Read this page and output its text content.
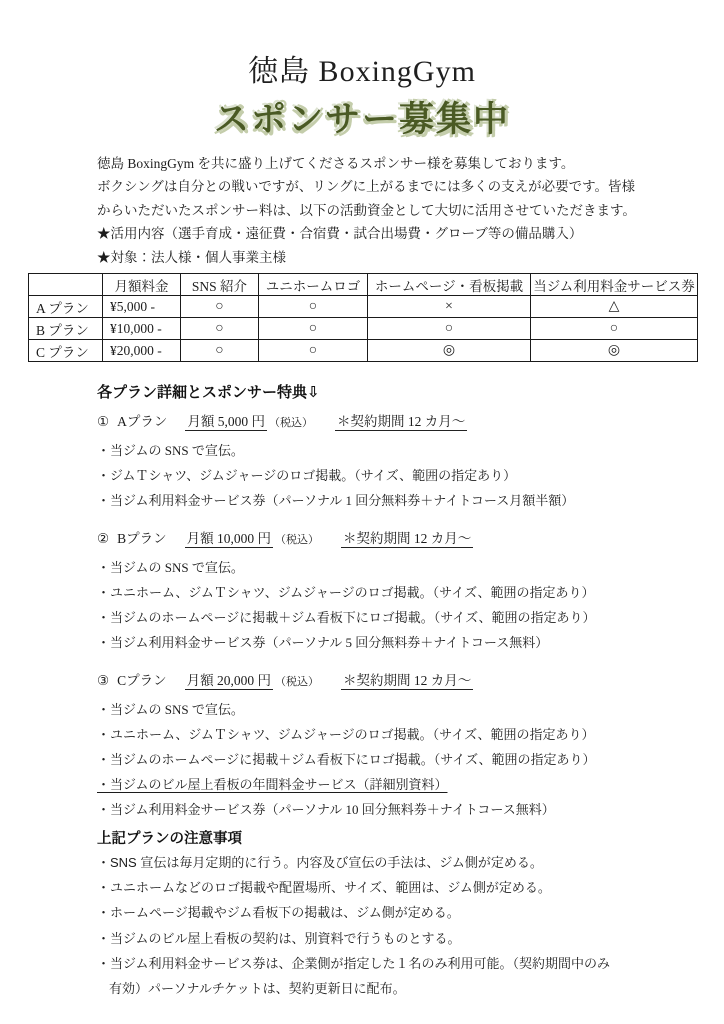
徳島 BoxingGym
スポンサー募集中

徳島 BoxingGym を共に盛り上げてくださるスポンサー様を募集しております。

ボクシングは自分との戦いですが、リングに上がるまでには多くの支えが必要です。皆様

からいただいたスポンサー料は、以下の活動資金として大切に活用させていただきます。

★活用内容（選手育成・遠征費・合宿費・試合出場費・グローブ等の備品購入）

★対象：法人様・個人事業主様

	月額料金	SNS 紹介	ユニホームロゴ	ホームページ・看板掲載	当ジム利用料金サービス券
A プラン	¥5,000 -	○	○	×	△
B プラン	¥10,000 -	○	○	○	○
C プラン	¥20,000 -	○	○	◎	◎
各プラン詳細とスポンサー特典⇩

① Aプラン 月額 5,000 円 （税込） ＊契約期間 12 カ月～

・当ジムの SNS で宣伝。

・ジムＴシャツ、ジムジャージのロゴ掲載。（サイズ、範囲の指定あり）

・当ジム利用料金サービス券（パーソナル 1 回分無料券＋ナイトコース月額半額）

② Bプラン 月額 10,000 円 （税込） ＊契約期間 12 カ月～

・当ジムの SNS で宣伝。

・ユニホーム、ジムＴシャツ、ジムジャージのロゴ掲載。（サイズ、範囲の指定あり）

・当ジムのホームページに掲載＋ジム看板下にロゴ掲載。（サイズ、範囲の指定あり）

・当ジム利用料金サービス券（パーソナル 5 回分無料券＋ナイトコース無料）

③ Cプラン 月額 20,000 円 （税込） ＊契約期間 12 カ月～

・当ジムの SNS で宣伝。

・ユニホーム、ジムＴシャツ、ジムジャージのロゴ掲載。（サイズ、範囲の指定あり）

・当ジムのホームページに掲載＋ジム看板下にロゴ掲載。（サイズ、範囲の指定あり）

・当ジムのビル屋上看板の年間料金サービス（詳細別資料）

・当ジム利用料金サービス券（パーソナル 10 回分無料券＋ナイトコース無料）

上記プランの注意事項

・SNS 宣伝は毎月定期的に行う。内容及び宣伝の手法は、ジム側が定める。

・ユニホームなどのロゴ掲載や配置場所、サイズ、範囲は、ジム側が定める。

・ホームページ掲載やジム看板下の掲載は、ジム側が定める。

・当ジムのビル屋上看板の契約は、別資料で行うものとする。

・当ジム利用料金サービス券は、企業側が指定した１名のみ利用可能。（契約期間中のみ

有効）パーソナルチケットは、契約更新日に配布。
